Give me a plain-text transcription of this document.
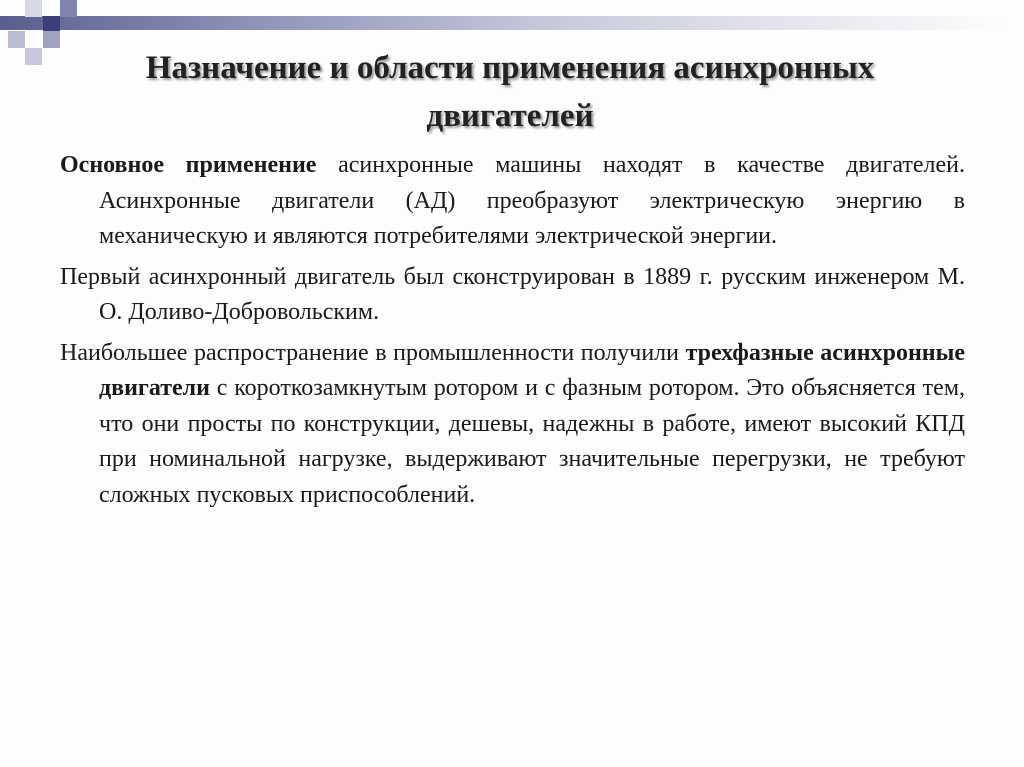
Назначение и области применения асинхронных двигателей

Основное применение асинхронные машины находят в качестве двигателей. Асинхронные двигатели (АД) преобразуют электрическую энергию в механическую и являются потребителями электрической энергии.

Первый асинхронный двигатель был сконструирован в 1889 г. русским инженером М. О. Доливо-Добровольским.

Наибольшее распространение в промышленности получили трехфазные асинхронные двигатели с короткозамкнутым ротором и с фазным ротором. Это объясняется тем, что они просты по конструкции, дешевы, надежны в работе, имеют высокий КПД при номинальной нагрузке, выдерживают значительные перегрузки, не требуют сложных пусковых приспособлений.
